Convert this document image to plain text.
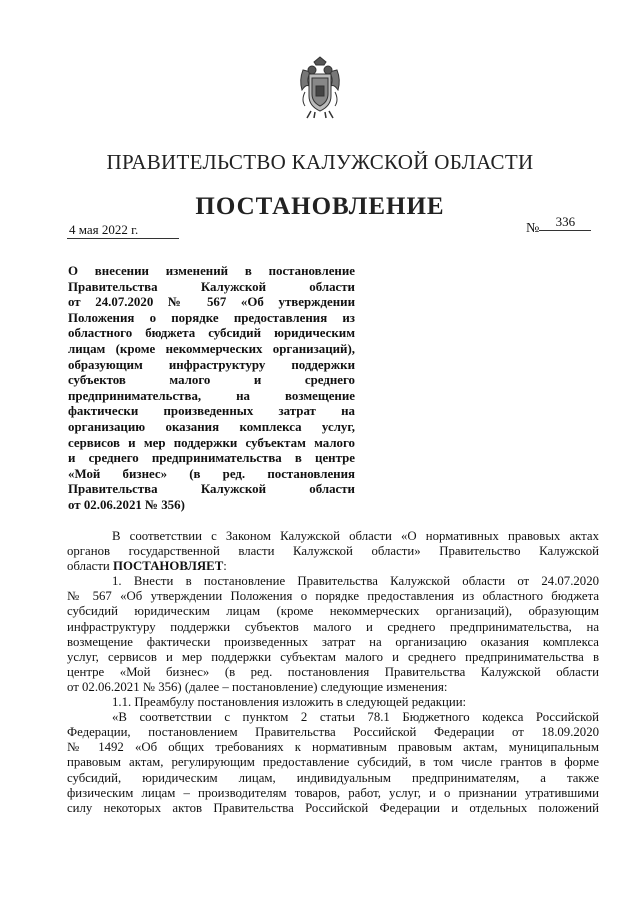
ПРАВИТЕЛЬСТВО КАЛУЖСКОЙ ОБЛАСТИ
ПОСТАНОВЛЕНИЕ
4 мая 2022 г.	№ 336
О внесении изменений в постановление
Правительства Калужской области
от 24.07.2020 № 567 «Об утверждении
Положения о порядке предоставления из
областного бюджета субсидий юридическим
лицам (кроме некоммерческих организаций),
образующим инфраструктуру поддержки
субъектов малого и среднего
предпринимательства, на возмещение
фактически произведенных затрат на
организацию оказания комплекса услуг,
сервисов и мер поддержки субъектам малого
и среднего предпринимательства в центре
«Мой бизнес» (в ред. постановления
Правительства Калужской области
от 02.06.2021 № 356)
В соответствии с Законом Калужской области «О нормативных правовых актах
органов государственной власти Калужской области» Правительство Калужской
области ПОСТАНОВЛЯЕТ:
1. Внести в постановление Правительства Калужской области от 24.07.2020
№ 567 «Об утверждении Положения о порядке предоставления из областного бюджета
субсидий юридическим лицам (кроме некоммерческих организаций), образующим
инфраструктуру поддержки субъектов малого и среднего предпринимательства, на
возмещение фактически произведенных затрат на организацию оказания комплекса
услуг, сервисов и мер поддержки субъектам малого и среднего предпринимательства в
центре «Мой бизнес» (в ред. постановления Правительства Калужской области
от 02.06.2021 № 356) (далее – постановление) следующие изменения:
1.1. Преамбулу постановления изложить в следующей редакции:
«В соответствии с пунктом 2 статьи 78.1 Бюджетного кодекса Российской
Федерации, постановлением Правительства Российской Федерации от 18.09.2020
№ 1492 «Об общих требованиях к нормативным правовым актам, муниципальным
правовым актам, регулирующим предоставление субсидий, в том числе грантов в форме
субсидий, юридическим лицам, индивидуальным предпринимателям, а также
физическим лицам – производителям товаров, работ, услуг, и о признании утратившими
силу некоторых актов Правительства Российской Федерации и отдельных положений
